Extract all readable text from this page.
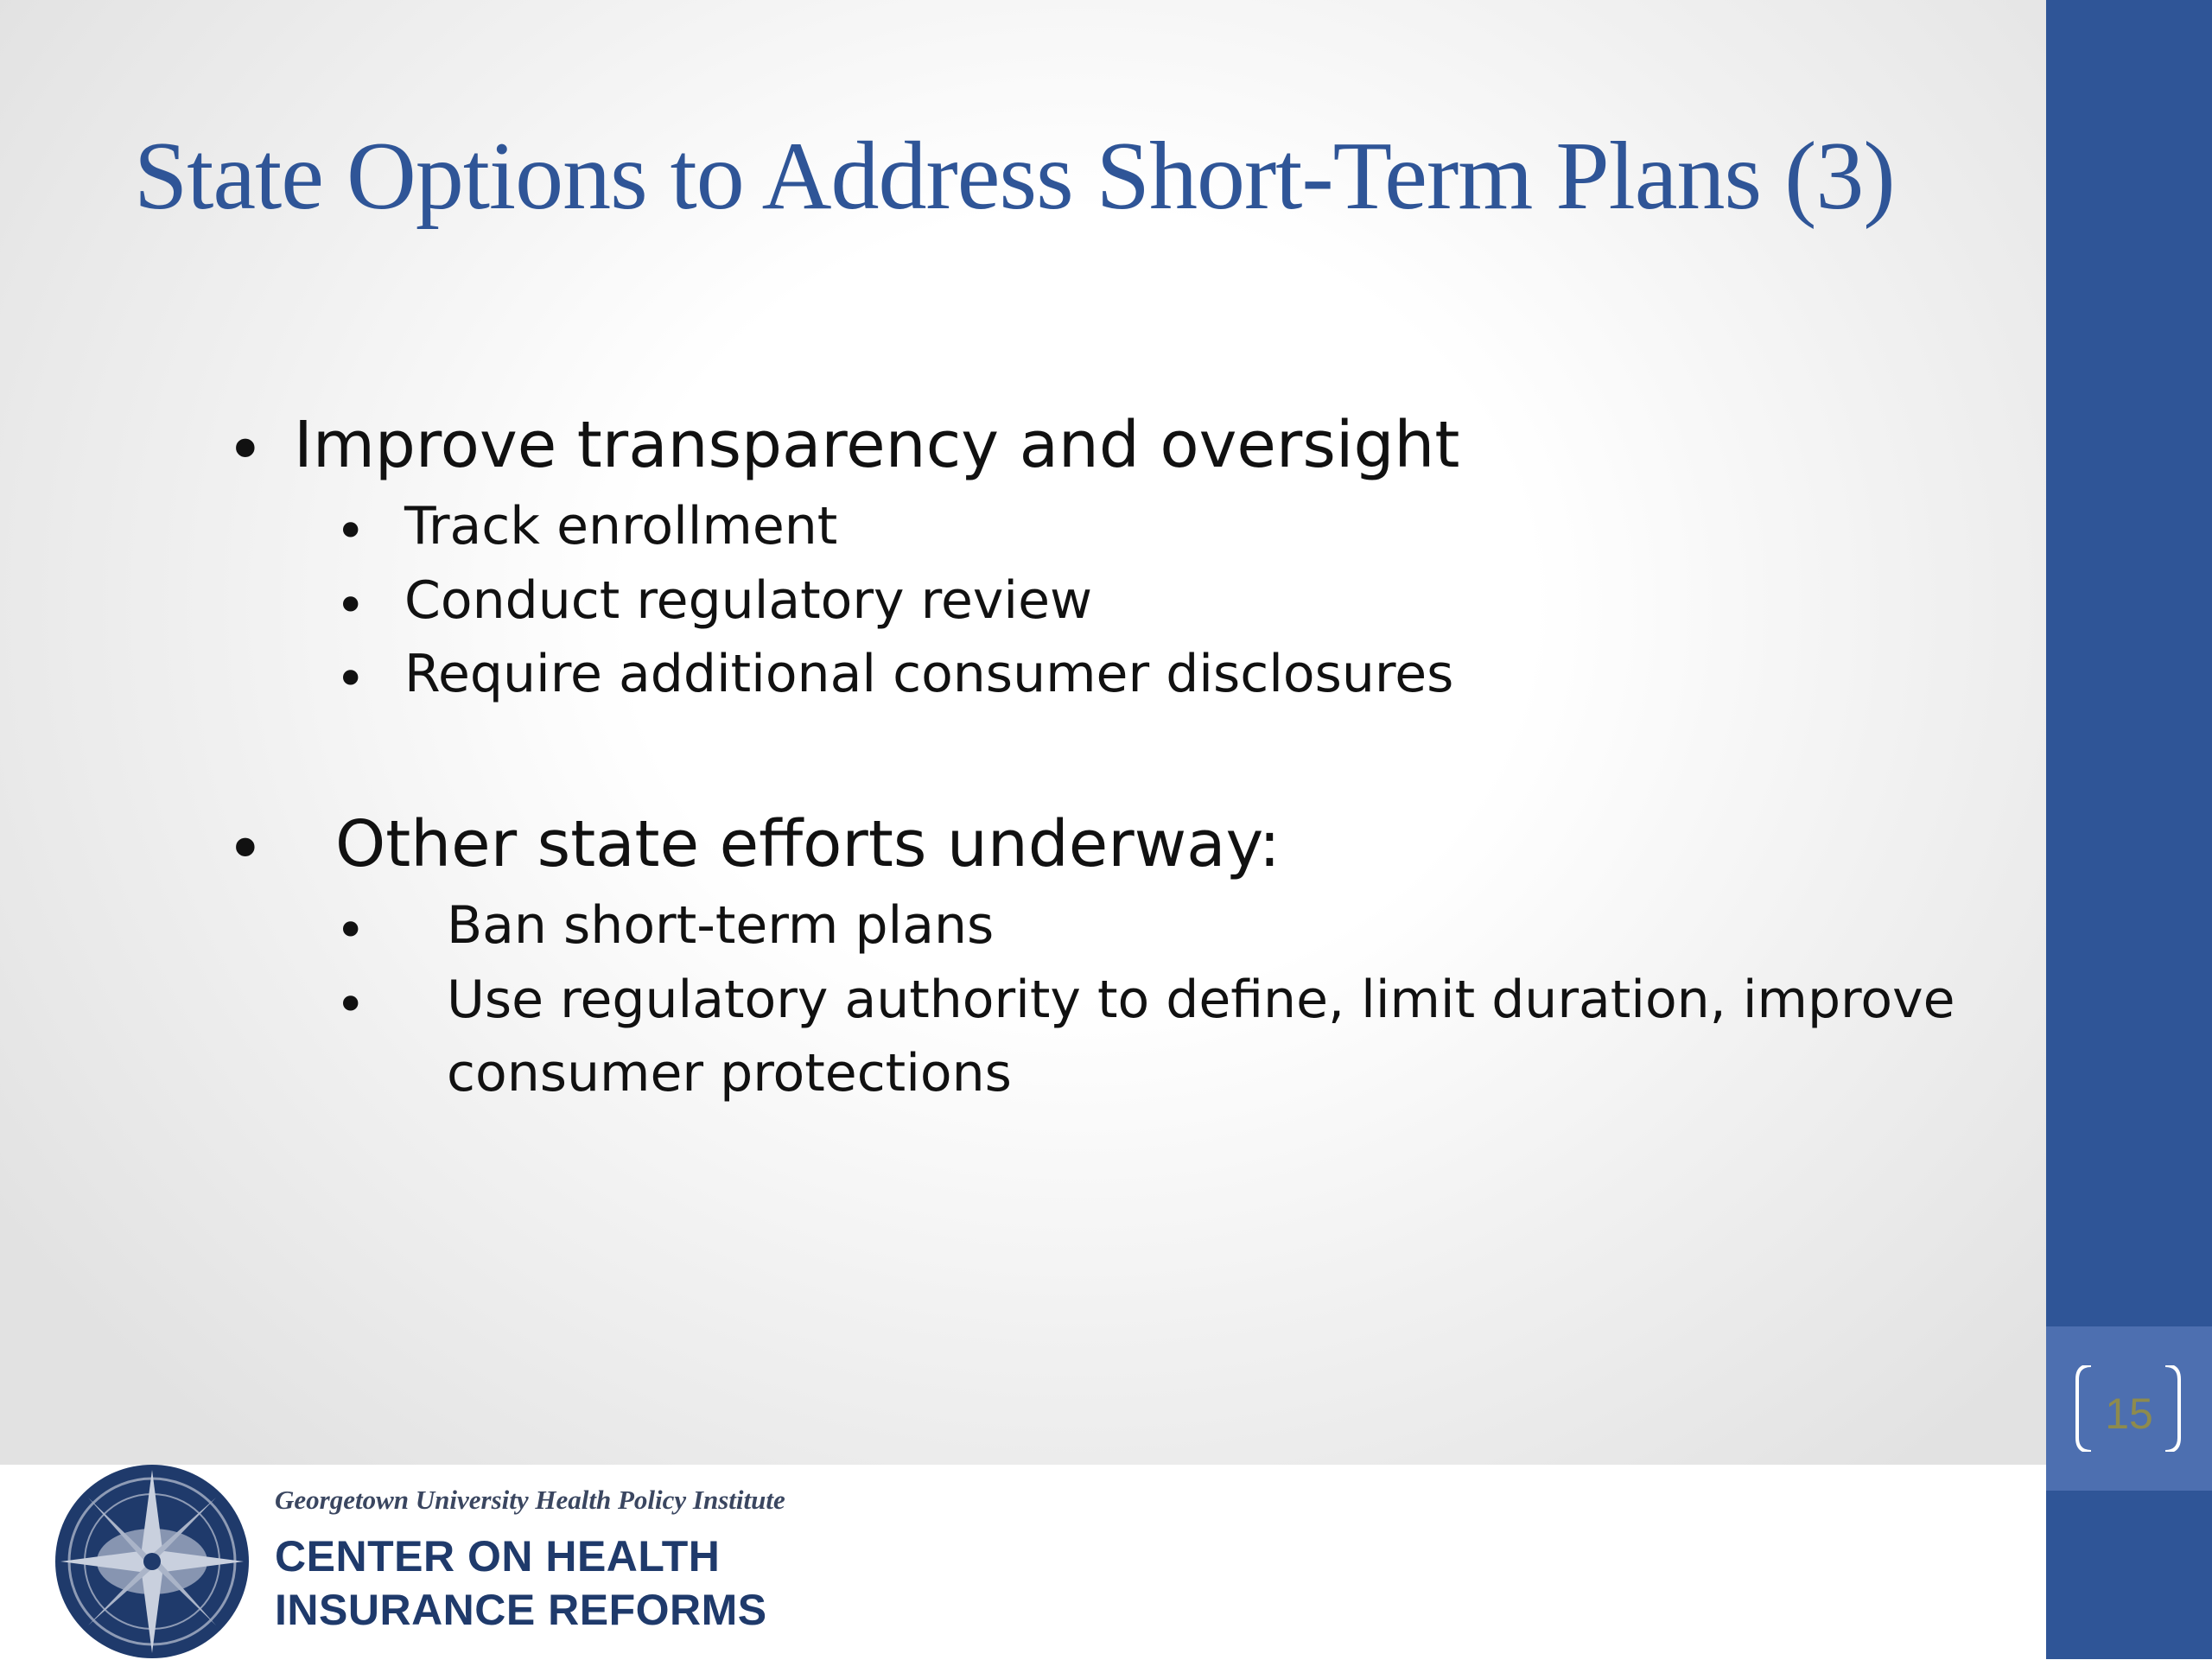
State Options to Address Short-Term Plans (3)
• Improve transparency and oversight
• Track enrollment
• Conduct regulatory review
• Require additional consumer disclosures
• Other state efforts underway:
• Ban short-term plans
• Use regulatory authority to define, limit duration, improve
consumer protections
Georgetown University Health Policy Institute
CENTER ON HEALTH
INSURANCE REFORMS
15
